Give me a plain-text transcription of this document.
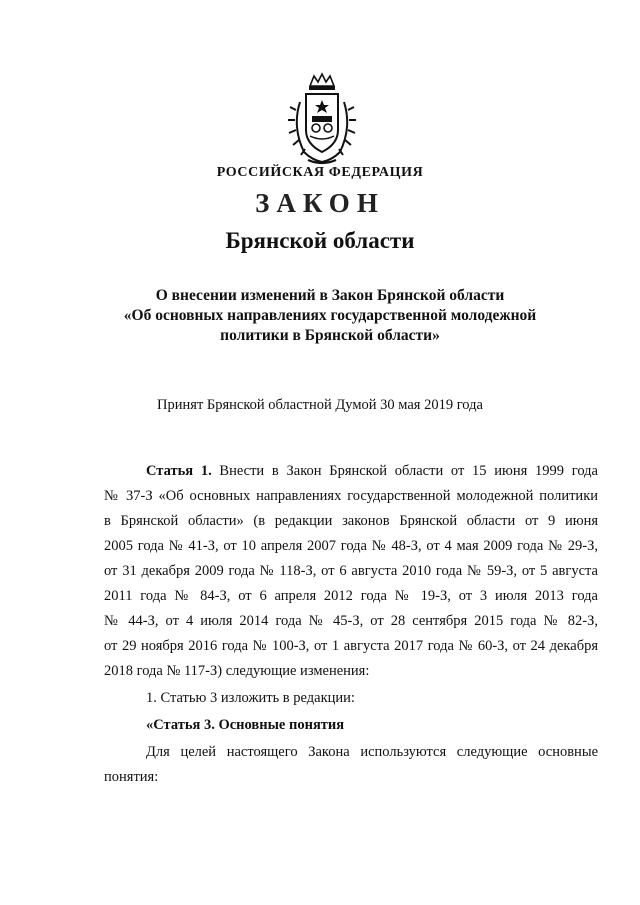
РОССИЙСКАЯ ФЕДЕРАЦИЯ
ЗАКОН
Брянской области
О внесении изменений в Закон Брянской области
«Об основных направлениях государственной молодежной
политики в Брянской области»
Принят Брянской областной Думой 30 мая 2019 года
Статья 1. Внести в Закон Брянской области от 15 июня 1999 года
№ 37-З «Об основных направлениях государственной молодежной политики
в Брянской области» (в редакции законов Брянской области от 9 июня
2005 года № 41-З, от 10 апреля 2007 года № 48-З, от 4 мая 2009 года № 29-З,
от 31 декабря 2009 года № 118-З, от 6 августа 2010 года № 59-З, от 5 августа
2011 года № 84-З, от 6 апреля 2012 года № 19-З, от 3 июля 2013 года
№ 44-З, от 4 июля 2014 года № 45-З, от 28 сентября 2015 года № 82-З,
от 29 ноября 2016 года № 100-З, от 1 августа 2017 года № 60-З, от 24 декабря
2018 года № 117-З) следующие изменения:
1. Статью 3 изложить в редакции:
«Статья 3. Основные понятия
Для целей настоящего Закона используются следующие основные
понятия:
